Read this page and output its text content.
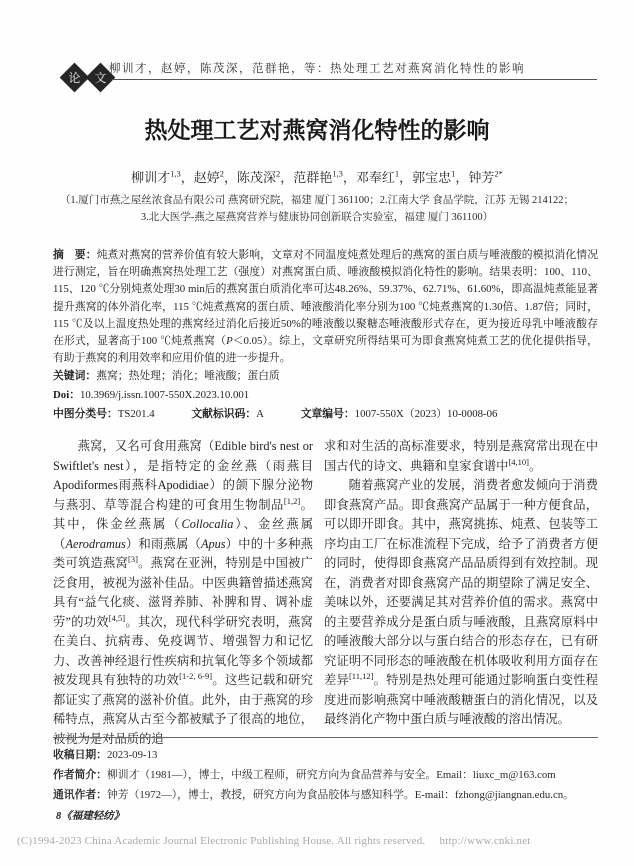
论	文
柳训才，赵婷，陈茂深，范群艳，等：热处理工艺对燕窝消化特性的影响
热处理工艺对燕窝消化特性的影响
柳训才$^{1,3}$，赵婷$^2$，陈茂深$^2$，范群艳$^{1,3}$，邓奉红$^1$，郭宝忠$^1$，钟芳$^{2*}$
（1.厦门市燕之屋丝浓食品有限公司 燕窝研究院，福建 厦门 361100；2.江南大学 食品学院，江苏 无锡 214122；
3.北大医学-燕之屋燕窝营养与健康协同创新联合实验室，福建 厦门 361100）
摘　要：炖煮对燕窝的营养价值有较大影响，文章对不同温度炖煮处理后的燕窝的蛋白质与唾液酸的模拟消化情况进行测定，旨在明确燕窝热处理工艺（强度）对燕窝蛋白质、唾液酸模拟消化特性的影响。结果表明：100、110、115、120 ℃分别炖煮处理30 min后的燕窝蛋白质消化率可达48.26%、59.37%、62.71%、61.60%，即高温炖煮能显著提升燕窝的体外消化率，115 ℃炖煮燕窝的蛋白质、唾液酸消化率分别为100 ℃炖煮燕窝的1.30倍、1.87倍；同时，115 ℃及以上温度热处理的燕窝经过消化后接近50%的唾液酸以聚糖态唾液酸形式存在，更为接近母乳中唾液酸存在形式，显著高于100 ℃炖煮燕窝（P＜0.05）。综上，文章研究所得结果可为即食燕窝炖煮工艺的优化提供指导，有助于燕窝的利用效率和应用价值的进一步提升。
关键词：燕窝；热处理；消化；唾液酸；蛋白质
Doi：10.3969/j.issn.1007-550X.2023.10.001
中图分类号：TS201.4	文献标识码：A	文章编号：1007-550X（2023）10-0008-06

燕窝，又名可食用燕窝（Edible bird's nest or Swiftlet's nest），是指特定的金丝燕（雨燕目Apodiformes雨燕科Apodidiae）的颌下腺分泌物与燕羽、草等混合构建的可食用生物制品[1,2]。其中，侏金丝燕属（Collocalia）、金丝燕属（Aerodramus）和雨燕属（Apus）中的十多种燕类可筑造燕窝[3]。燕窝在亚洲，特别是中国被广泛食用，被视为滋补佳品。中医典籍曾描述燕窝具有“益气化痰、滋肾养肺、补脾和胃、调补虚劳”的功效[4,5]。其次，现代科学研究表明，燕窝在美白、抗病毒、免疫调节、增强智力和记忆力、改善神经退行性疾病和抗氧化等多个领域都被发现具有独特的功效[1-2, 6-9]。这些记载和研究都证实了燕窝的滋补价值。此外，由于燕窝的珍稀特点，燕窝从古至今都被赋予了很高的地位，被视为是对品质的追

求和对生活的高标准要求，特别是燕窝常出现在中国古代的诗文、典籍和皇家食谱中[4,10]。

随着燕窝产业的发展，消费者愈发倾向于消费即食燕窝产品。即食燕窝产品属于一种方便食品，可以即开即食。其中，燕窝挑拣、炖煮、包装等工序均由工厂在标准流程下完成，给予了消费者方便的同时，使得即食燕窝产品品质得到有效控制。现在，消费者对即食燕窝产品的期望除了满足安全、美味以外，还要满足其对营养价值的需求。燕窝中的主要营养成分是蛋白质与唾液酸，且燕窝原料中的唾液酸大部分以与蛋白结合的形态存在，已有研究证明不同形态的唾液酸在机体吸收利用方面存在差异[11,12]。特别是热处理可能通过影响蛋白变性程度进而影响燕窝中唾液酸糖蛋白的消化情况，以及最终消化产物中蛋白质与唾液酸的溶出情况。

收稿日期：2023-09-13
作者简介：柳训才（1981—），博士，中级工程师，研究方向为食品营养与安全。Email：liuxc_m@163.com
通讯作者：钟芳（1972—），博士，教授，研究方向为食品胶体与感知科学。E-mail：fzhong@jiangnan.edu.cn。
8《福建轻纺》
(C)1994-2023 China Academic Journal Electronic Publishing House. All rights reserved.　 http://www.cnki.net
